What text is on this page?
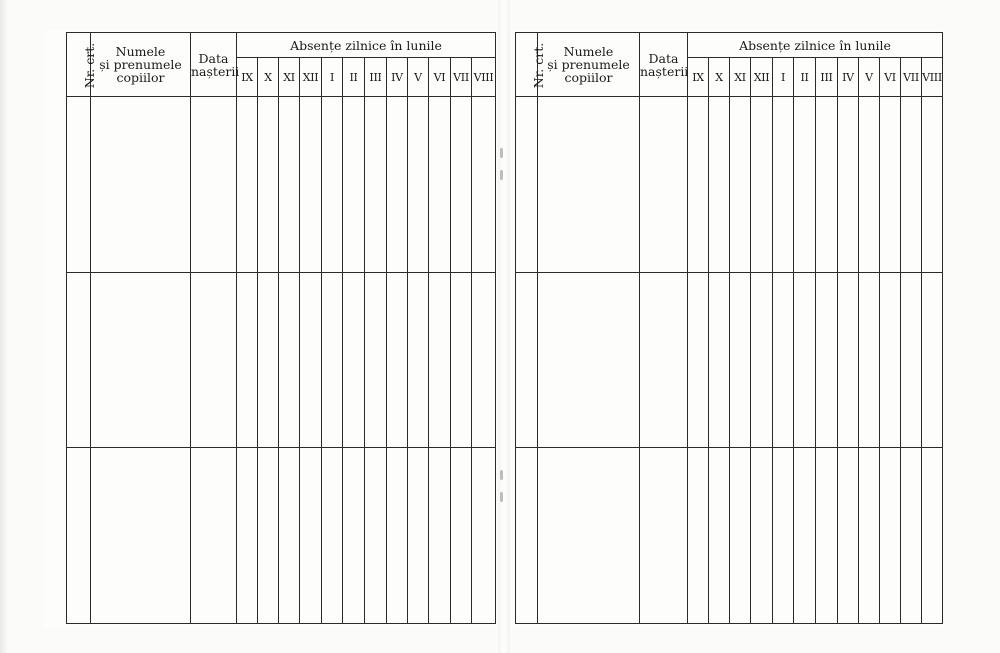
Nr. crt.	Numele
și prenumele
copiilor	Data
nașterii	Absențe zilnice în lunile											
			IX	X	XI	XII	I	II	III	IV	V	VI	VII	VIII

															Nr. crt.	Numele
și prenumele
copiilor	Data
nașterii	Absențe zilnice în lunile											
			IX	X	XI	XII	I	II	III	IV	V	VI	VII	VIII
